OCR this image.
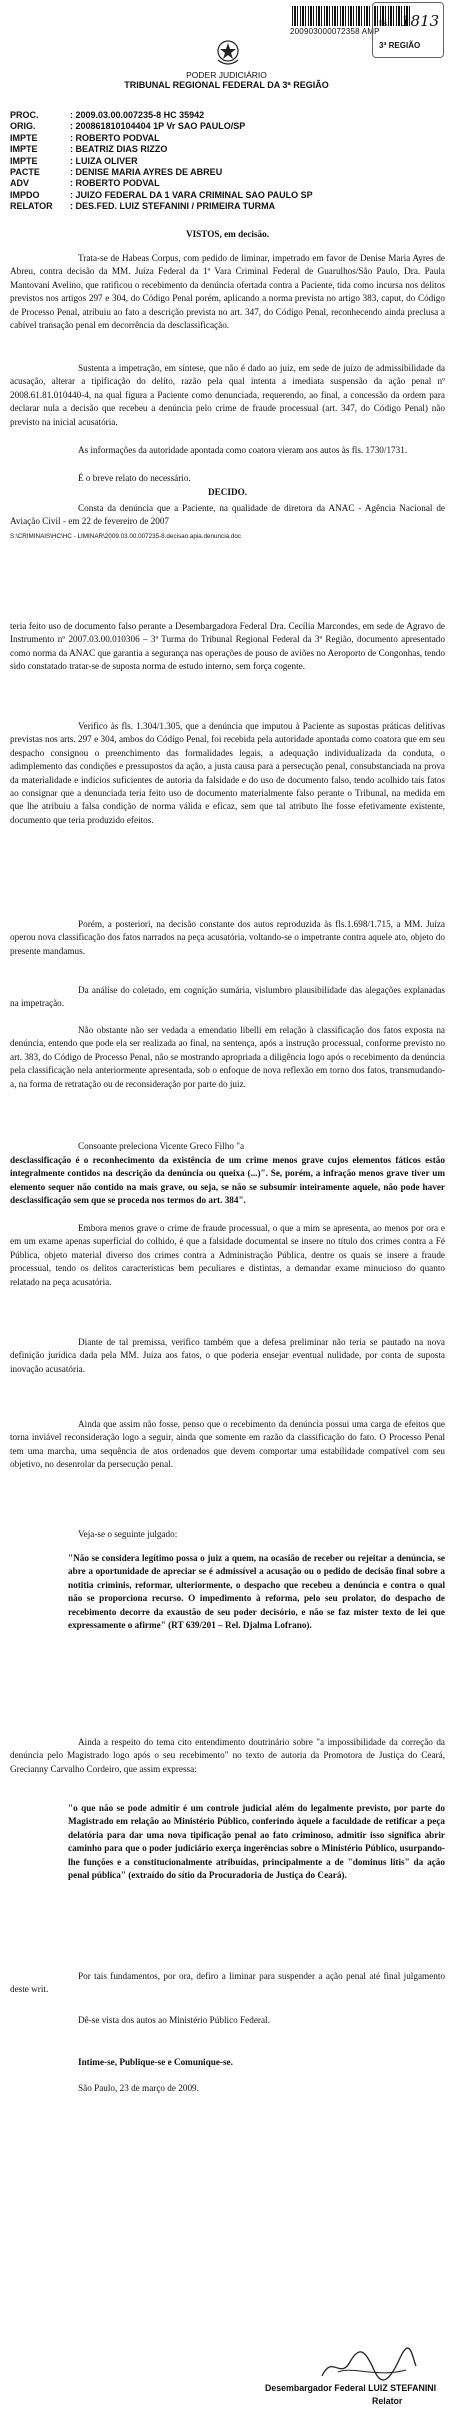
200903000072358 AMP
fls. 1813
3ª REGIÃO
PODER JUDICIÁRIO
TRIBUNAL REGIONAL FEDERAL DA 3ª REGIÃO
PROC.	: 2009.03.00.007235-8 HC 35942
ORIG.	: 200861810104404 1P Vr SAO PAULO/SP
IMPTE	: ROBERTO PODVAL
IMPTE	: BEATRIZ DIAS RIZZO
IMPTE	: LUIZA OLIVER
PACTE	: DENISE MARIA AYRES DE ABREU
ADV	: ROBERTO PODVAL
IMPDO	: JUIZO FEDERAL DA 1 VARA CRIMINAL SAO PAULO SP
RELATOR	: DES.FED. LUIZ STEFANINI / PRIMEIRA TURMA
VISTOS, em decisão.
Trata-se de Habeas Corpus, com pedido de liminar, impetrado em favor de Denise Maria Ayres de Abreu, contra decisão da MM. Juíza Federal da 1ª Vara Criminal Federal de Guarulhos/São Paulo, Dra. Paula Mantovani Avelino, que ratificou o recebimento da denúncia ofertada contra a Paciente, tida como incursa nos delitos previstos nos artigos 297 e 304, do Código Penal porém, aplicando a norma prevista no artigo 383, caput, do Código de Processo Penal, atribuiu ao fato a descrição prevista no art. 347, do Código Penal, reconhecendo ainda preclusa a cabível transação penal em decorrência da desclassificação.
Sustenta a impetração, em síntese, que não é dado ao juiz, em sede de juízo de admissibilidade da acusação, alterar a tipificação do delito, razão pela qual intenta a imediata suspensão da ação penal nº 2008.61.81.010440-4, na qual figura a Paciente como denunciada, requerendo, ao final, a concessão da ordem para declarar nula a decisão que recebeu a denúncia pelo crime de fraude processual (art. 347, do Código Penal) não previsto na inicial acusatória.
As informações da autoridade apontada como coatora vieram aos autos às fls. 1730/1731.
É o breve relato do necessário.
DECIDO.
Consta da denúncia que a Paciente, na qualidade de diretora da ANAC - Agência Nacional de Aviação Civil - em 22 de fevereiro de 2007
S:\CRIMINAIS\HC\HC - LIMINAR\2009.03.00.007235-8.decisao.apia.denuncia.doc
teria feito uso de documento falso perante a Desembargadora Federal Dra. Cecília Marcondes, em sede de Agravo de Instrumento nº 2007.03.00.010306 – 3ª Turma do Tribunal Regional Federal da 3ª Região, documento apresentado como norma da ANAC que garantia a segurança nas operações de pouso de aviões no Aeroporto de Congonhas, tendo sido constatado tratar-se de suposta norma de estudo interno, sem força cogente.
Verifico às fls. 1.304/1.305, que a denúncia que imputou à Paciente as supostas práticas delitivas previstas nos arts. 297 e 304, ambos do Código Penal, foi recebida pela autoridade apontada como coatora que em seu despacho consignou o preenchimento das formalidades legais, a adequação individualizada da conduta, o adimplemento das condições e pressupostos da ação, a justa causa para a persecução penal, consubstanciada na prova da materialidade e indícios suficientes de autoria da falsidade e do uso de documento falso, tendo acolhido tais fatos ao consignar que a denunciada teria feito uso de documento materialmente falso perante o Tribunal, na medida em que lhe atribuiu a falsa condição de norma válida e eficaz, sem que tal atributo lhe fosse efetivamente existente, documento que teria produzido efeitos.
Porém, a posteriori, na decisão constante dos autos reproduzida às fls.1.698/1.715, a MM. Juíza operou nova classificação dos fatos narrados na peça acusatória, voltando-se o impetrante contra aquele ato, objeto do presente mandamus.
Da análise do coletado, em cognição sumária, vislumbro plausibilidade das alegações explanadas na impetração.
Não obstante não ser vedada a emendatio libelli em relação à classificação dos fatos exposta na denúncia, entendo que pode ela ser realizada ao final, na sentença, após a instrução processual, conforme previsto no art. 383, do Código de Processo Penal, não se mostrando apropriada a diligência logo após o recebimento da denúncia pela classificação nela anteriormente apresentada, sob o enfoque de nova reflexão em torno dos fatos, transmudando-a, na forma de retratação ou de reconsideração por parte do juiz.
Consoante preleciona Vicente Greco Filho "a
desclassificação é o reconhecimento da existência de um crime menos grave cujos elementos fáticos estão integralmente contidos na descrição da denúncia ou queixa (...)". Se, porém, a infração menos grave tiver um elemento sequer não contido na mais grave, ou seja, se não se subsumir inteiramente aquele, não pode haver desclassificação sem que se proceda nos termos do art. 384".
Embora menos grave o crime de fraude processual, o que a mim se apresenta, ao menos por ora e em um exame apenas superficial do colhido, é que a falsidade documental se insere no título dos crimes contra a Fé Pública, objeto material diverso dos crimes contra a Administração Pública, dentre os quais se insere a fraude processual, tendo os delitos características bem peculiares e distintas, a demandar exame minucioso do quanto relatado na peça acusatória.
Diante de tal premissa, verifico também que a defesa preliminar não teria se pautado na nova definição jurídica dada pela MM. Juíza aos fatos, o que poderia ensejar eventual nulidade, por conta de suposta inovação acusatória.
Ainda que assim não fosse, penso que o recebimento da denúncia possui uma carga de efeitos que torna inviável reconsideração logo a seguir, ainda que somente em razão da classificação do fato. O Processo Penal tem uma marcha, uma sequência de atos ordenados que devem comportar uma estabilidade compatível com seu objetivo, no desenrolar da persecução penal.
Veja-se o seguinte julgado:
"Não se considera legítimo possa o juiz a quem, na ocasião de receber ou rejeitar a denúncia, se abre a oportunidade de apreciar se é admissível a acusação ou o pedido de decisão final sobre a notitia criminis, reformar, ulteriormente, o despacho que recebeu a denúncia e contra o qual não se proporciona recurso. O impedimento à reforma, pelo seu prolator, do despacho de recebimento decorre da exaustão de seu poder decisório, e não se faz mister texto de lei que expressamente o afirme" (RT 639/201 – Rel. Djalma Lofrano).
Ainda a respeito do tema cito entendimento doutrinário sobre "a impossibilidade da correção da denúncia pelo Magistrado logo após o seu recebimento" no texto de autoria da Promotora de Justiça do Ceará, Grecianny Carvalho Cordeiro, que assim expressa:
"o que não se pode admitir é um controle judicial além do legalmente previsto, por parte do Magistrado em relação ao Ministério Público, conferindo àquele a faculdade de retificar a peça delatória para dar uma nova tipificação penal ao fato criminoso, admitir isso significa abrir caminho para que o poder judiciário exerça ingerências sobre o Ministério Público, usurpando-lhe funções e a constitucionalmente atribuídas, principalmente a de "dominus litis" da ação penal pública" (extraído do sítio da Procuradoria de Justiça do Ceará).
Por tais fundamentos, por ora, defiro a liminar para suspender a ação penal até final julgamento deste writ.
Dê-se vista dos autos ao Ministério Público Federal.
Intime-se, Publique-se e Comunique-se.
São Paulo, 23 de março de 2009.
Desembargador Federal LUIZ STEFANINI
Relator
